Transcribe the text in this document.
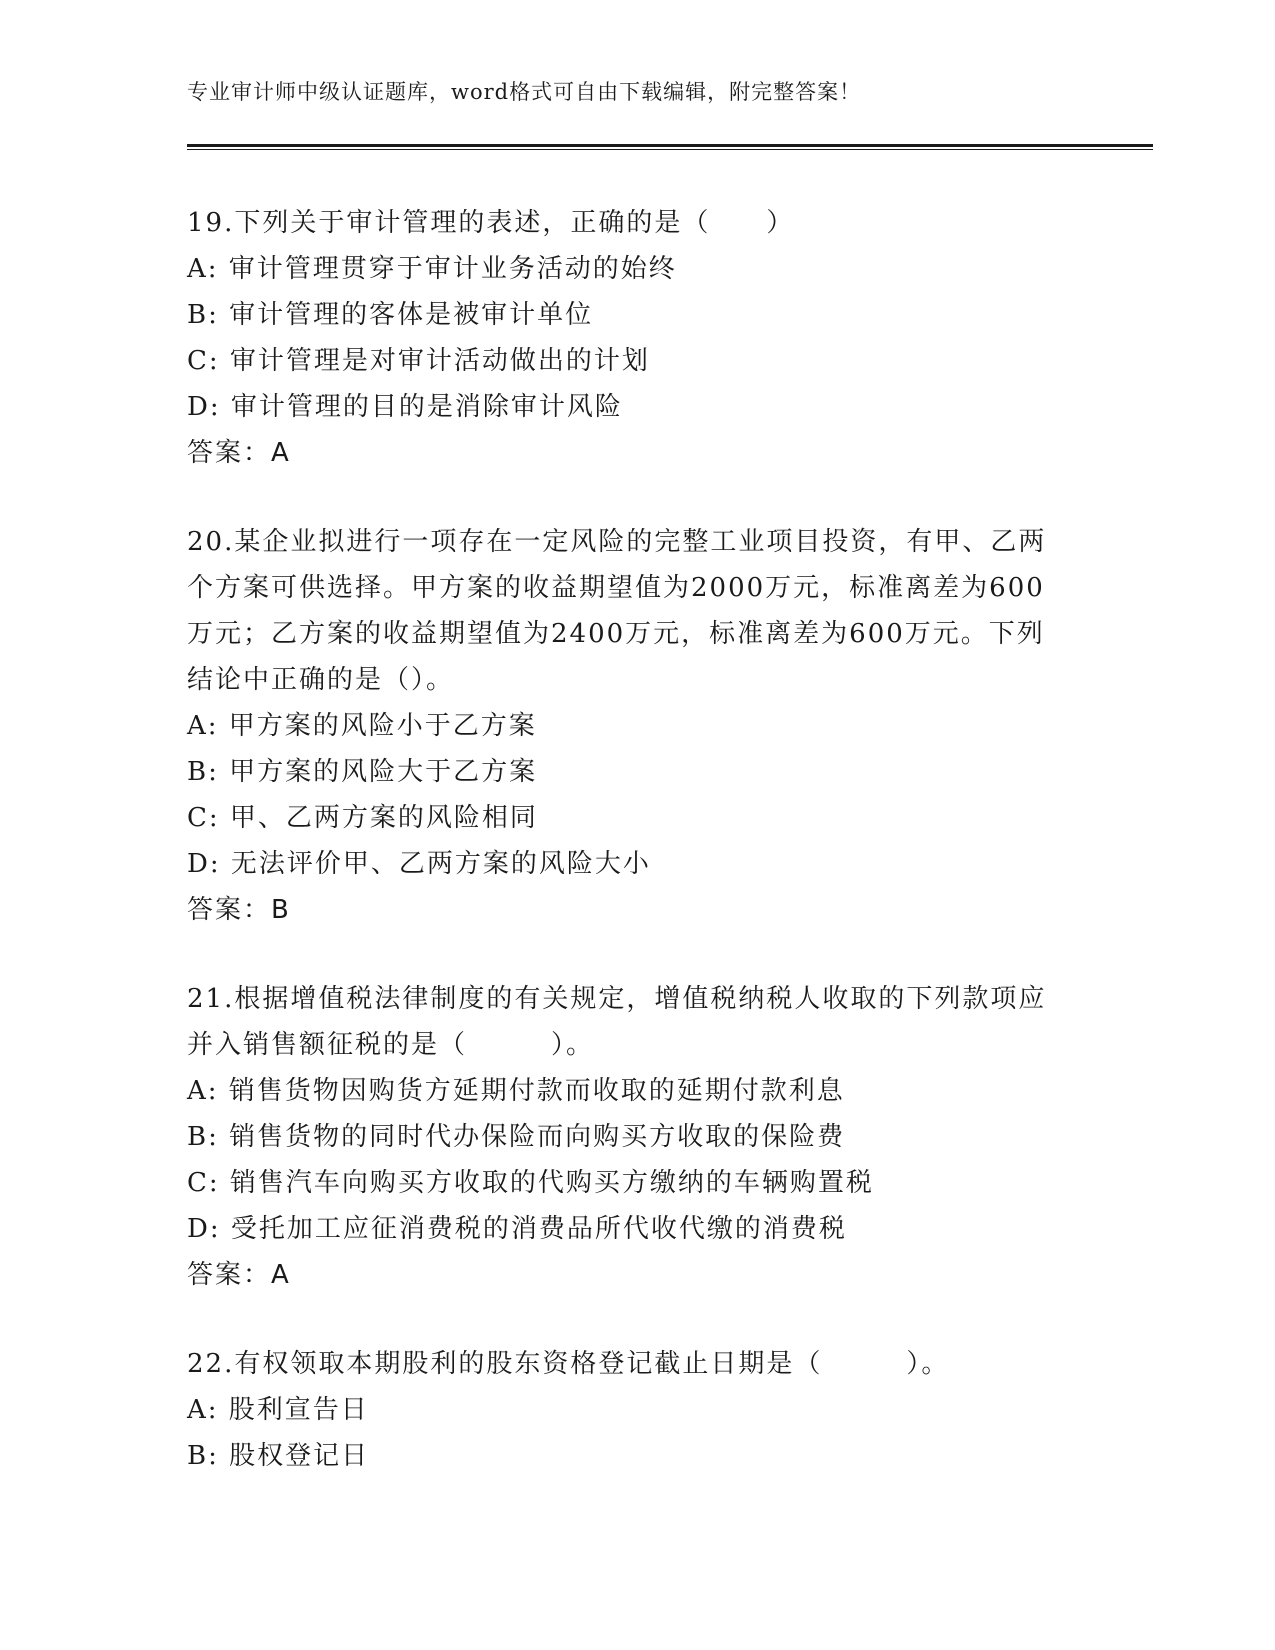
专业审计师中级认证题库，word格式可自由下载编辑，附完整答案！
19.下列关于审计管理的表述，正确的是（　　）
A: 审计管理贯穿于审计业务活动的始终
B: 审计管理的客体是被审计单位
C: 审计管理是对审计活动做出的计划
D: 审计管理的目的是消除审计风险
答案：A
20.某企业拟进行一项存在一定风险的完整工业项目投资，有甲、乙两
个方案可供选择。甲方案的收益期望值为2000万元，标准离差为600
万元；乙方案的收益期望值为2400万元，标准离差为600万元。下列
结论中正确的是（）。
A: 甲方案的风险小于乙方案
B: 甲方案的风险大于乙方案
C: 甲、乙两方案的风险相同
D: 无法评价甲、乙两方案的风险大小
答案：B
21.根据增值税法律制度的有关规定，增值税纳税人收取的下列款项应
并入销售额征税的是（　　　）。
A: 销售货物因购货方延期付款而收取的延期付款利息
B: 销售货物的同时代办保险而向购买方收取的保险费
C: 销售汽车向购买方收取的代购买方缴纳的车辆购置税
D: 受托加工应征消费税的消费品所代收代缴的消费税
答案：A
22.有权领取本期股利的股东资格登记截止日期是（　　　）。
A: 股利宣告日
B: 股权登记日
